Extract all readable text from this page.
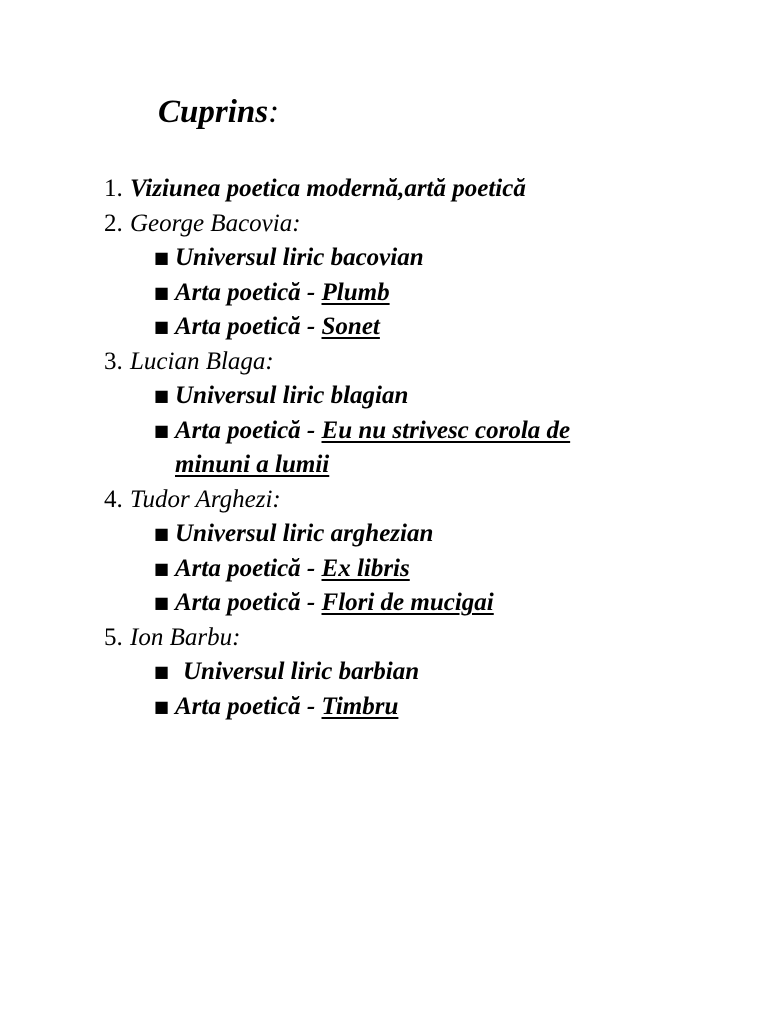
Cuprins:
1. Viziunea poetica modernă,artă poetică
2. George Bacovia:
■ Universul liric bacovian
■ Arta poetică - Plumb
■ Arta poetică - Sonet
3. Lucian Blaga:
■ Universul liric blagian
■ Arta poetică - Eu nu strivesc corola de
minuni a lumii
4. Tudor Arghezi:
■ Universul liric arghezian
■ Arta poetică - Ex libris
■ Arta poetică - Flori de mucigai
5. Ion Barbu:
■ Universul liric barbian
■ Arta poetică - Timbru
